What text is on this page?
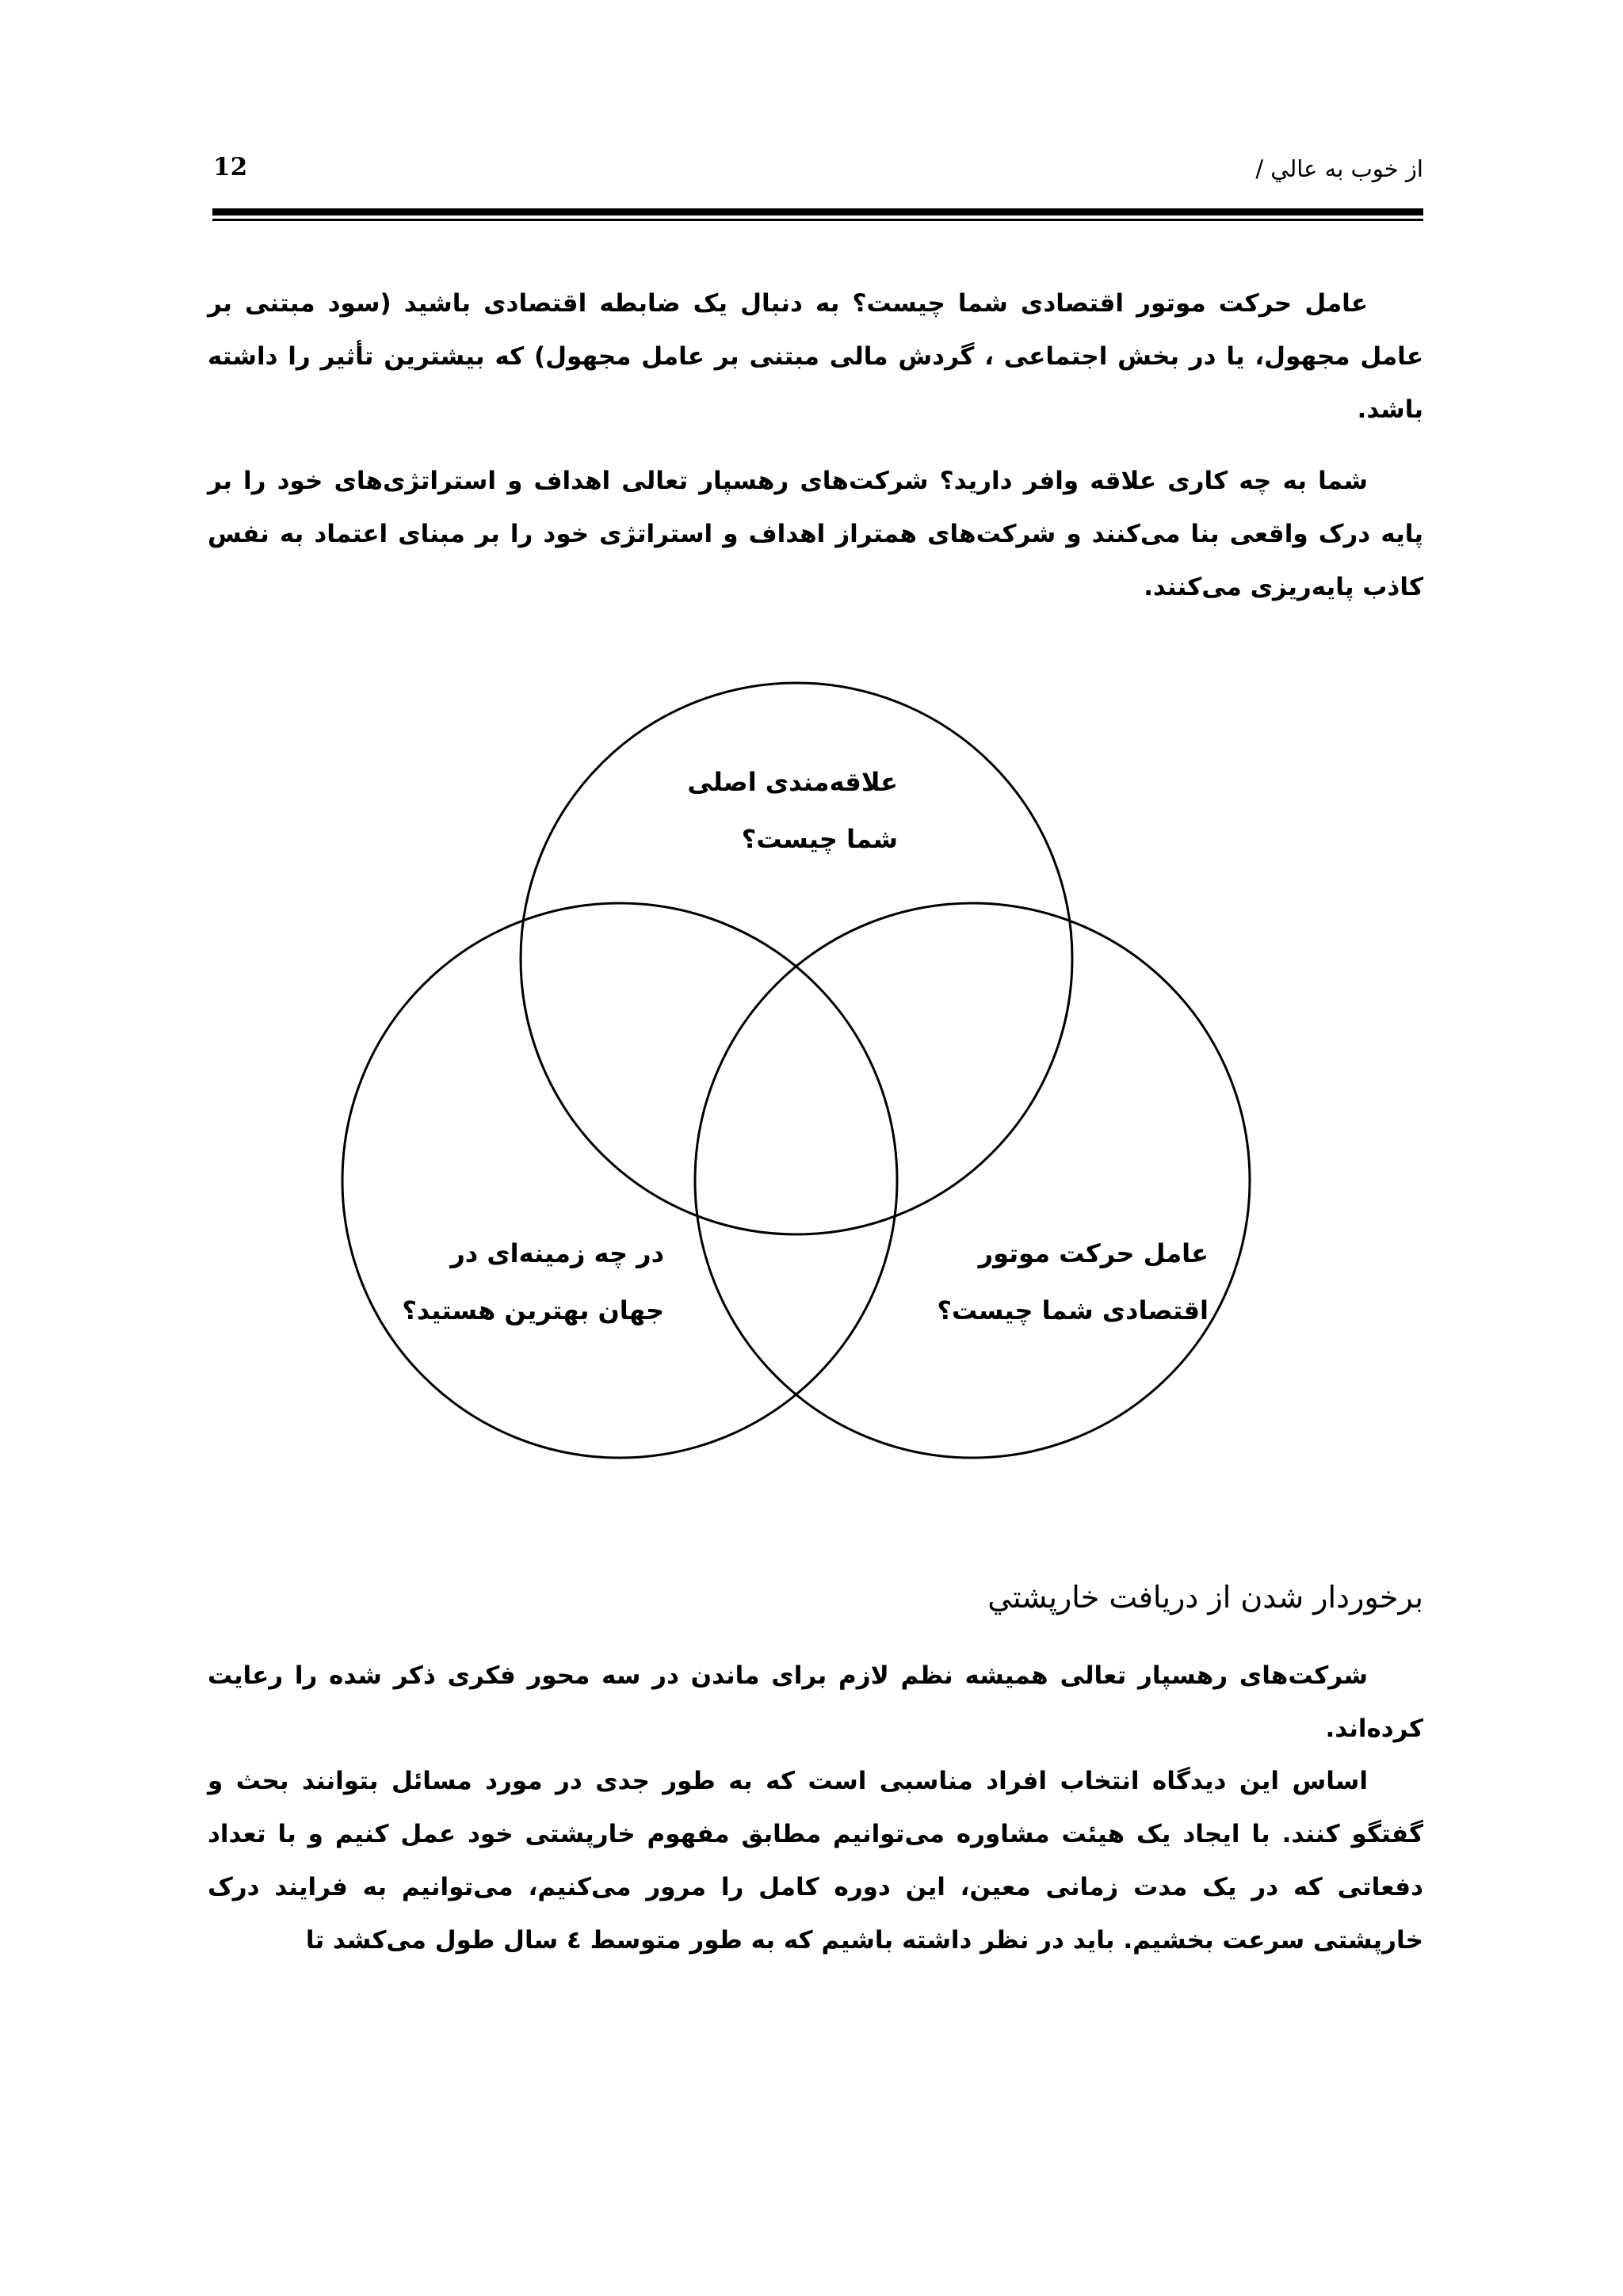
از خوب به عالي /
12

عامل حرکت موتور اقتصادی شما چیست؟ به دنبال یک ضابطه اقتصادی باشید (سود مبتنی بر عامل مجهول، یا در بخش اجتماعی ، گردش مالی مبتنی بر عامل مجهول) که بیشترین تأثیر را داشته باشد.

شما به چه کاری علاقه وافر دارید؟ شرکت‌های رهسپار تعالی اهداف و استراتژی‌های خود را بر پایه درک واقعی بنا می‌کنند و شرکت‌های همتراز اهداف و استراتژی خود را بر مبنای اعتماد به نفس کاذب پایه‌ریزی می‌کنند.

علاقه‌مندی اصلی
شما چیست؟
در چه زمینه‌ای در
جهان بهترین هستید؟
عامل حرکت موتور
اقتصادی شما چیست؟
برخوردار شدن از دريافت خارپشتي

شرکت‌های رهسپار تعالی همیشه نظم لازم برای ماندن در سه محور فکری ذکر شده را رعایت کرده‌اند.

اساس این دیدگاه انتخاب افراد مناسبی است که به طور جدی در مورد مسائل بتوانند بحث و گفتگو کنند. با ایجاد یک هیئت مشاوره می‌توانیم مطابق مفهوم خارپشتی خود عمل کنیم و با تعداد دفعاتی که در یک مدت زمانی معین، این دوره کامل را مرور می‌کنیم، می‌توانیم به فرایند درک خارپشتی سرعت بخشیم. باید در نظر داشته باشیم که به طور متوسط ٤ سال طول می‌کشد تا
